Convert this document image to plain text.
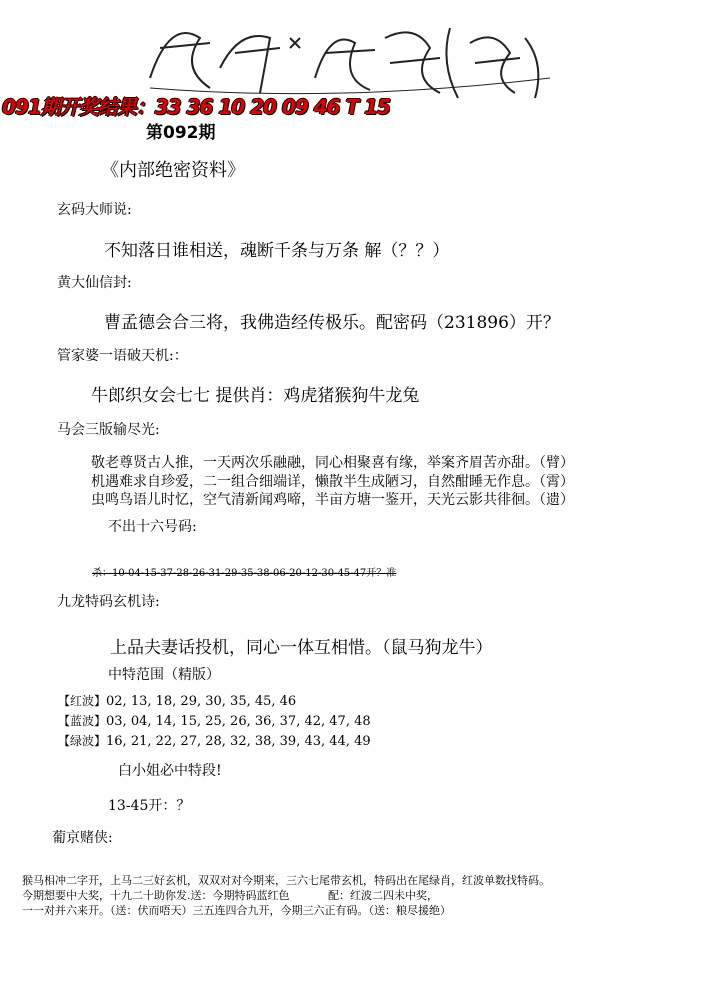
091期开奖结果：33 36 10 20 09 46 T 15
第092期
《内部绝密资料》
玄码大师说:
不知落日谁相送，魂断千条与万条 解（？？）
黄大仙信封:
曹孟德会合三将，我佛造经传极乐。配密码（231896）开？
管家婆一语破天机:：
牛郎织女会七七 提供肖：鸡虎猪猴狗牛龙兔
马会三版输尽光:
敬老尊贤古人推，一天两次乐融融，同心相聚喜有缘，举案齐眉苦亦甜。（臂）
机遇难求自珍爱，二一组合细端详，懒散半生成陋习，自然酣睡无作息。（霄）
虫鸣鸟语儿时忆，空气清新闻鸡啼，半亩方塘一鉴开，天光云影共徘徊。（遗）
不出十六号码:
杀：10-04-15-37-28-26-31-29-35-38-06-20-12-30-45-47开？准
九龙特码玄机诗:
上品夫妻话投机，同心一体互相惜。（鼠马狗龙牛）
中特范围（精版）
【红波】02, 13, 18, 29, 30, 35, 45, 46
【蓝波】03, 04, 14, 15, 25, 26, 36, 37, 42, 47, 48
【绿波】16, 21, 22, 27, 28, 32, 38, 39, 43, 44, 49
白小姐必中特段!
13-45开：？
葡京赌侠:
猴马相冲二字开，上马二三好玄机，双双对对今期来，三六七尾带玄机，特码出在尾绿肖，红波单数找特码。
今期想要中大奖，十九二十助你发.送：今期特码蓝红色           配：红波二四未中奖，
一一对并六来开。（送：伏而唔天）三五连四合九开，今期三六正有码。（送：粮尽援绝）
